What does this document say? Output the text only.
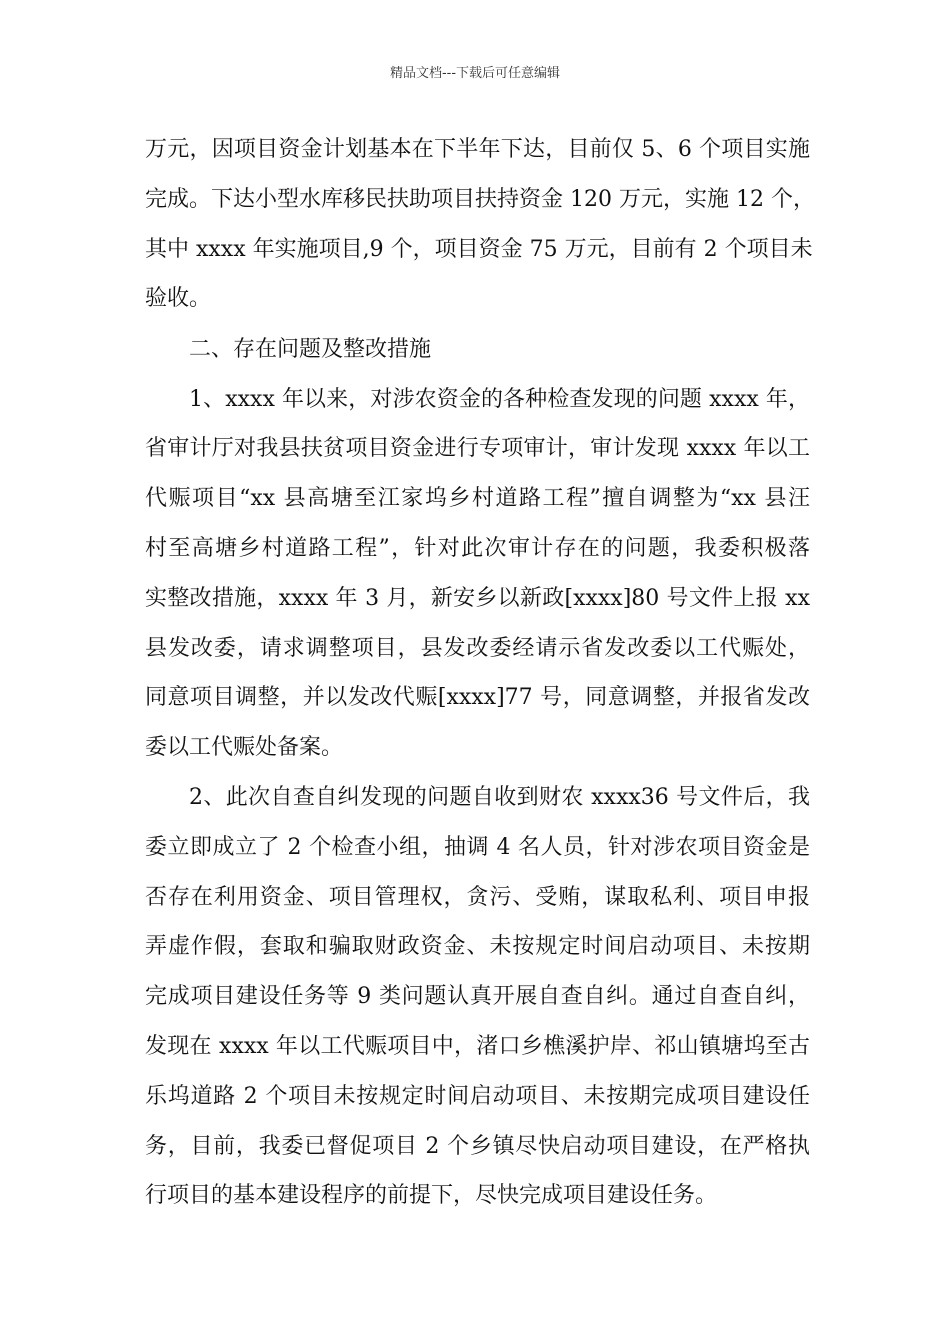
精品文档---下载后可任意编辑
万元，因项目资金计划基本在下半年下达，目前仅 5、6 个项目实施
完成。下达小型水库移民扶助项目扶持资金 120 万元，实施 12 个，
其中 xxxx 年实施项目,9 个，项目资金 75 万元，目前有 2 个项目未
验收。
二、存在问题及整改措施
1、xxxx 年以来，对涉农资金的各种检查发现的问题 xxxx 年，
省审计厅对我县扶贫项目资金进行专项审计，审计发现 xxxx 年以工
代赈项目“xx 县高塘至江家坞乡村道路工程”擅自调整为“xx 县汪
村至高塘乡村道路工程”，针对此次审计存在的问题，我委积极落
实整改措施，xxxx 年 3 月，新安乡以新政[xxxx]80 号文件上报 xx
县发改委，请求调整项目，县发改委经请示省发改委以工代赈处，
同意项目调整，并以发改代赈[xxxx]77 号，同意调整，并报省发改
委以工代赈处备案。
2、此次自查自纠发现的问题自收到财农 xxxx36 号文件后，我
委立即成立了 2 个检查小组，抽调 4 名人员，针对涉农项目资金是
否存在利用资金、项目管理权，贪污、受贿，谋取私利、项目申报
弄虚作假，套取和骗取财政资金、未按规定时间启动项目、未按期
完成项目建设任务等 9 类问题认真开展自查自纠。通过自查自纠，
发现在 xxxx 年以工代赈项目中，渚口乡樵溪护岸、祁山镇塘坞至古
乐坞道路 2 个项目未按规定时间启动项目、未按期完成项目建设任
务，目前，我委已督促项目 2 个乡镇尽快启动项目建设，在严格执
行项目的基本建设程序的前提下，尽快完成项目建设任务。
